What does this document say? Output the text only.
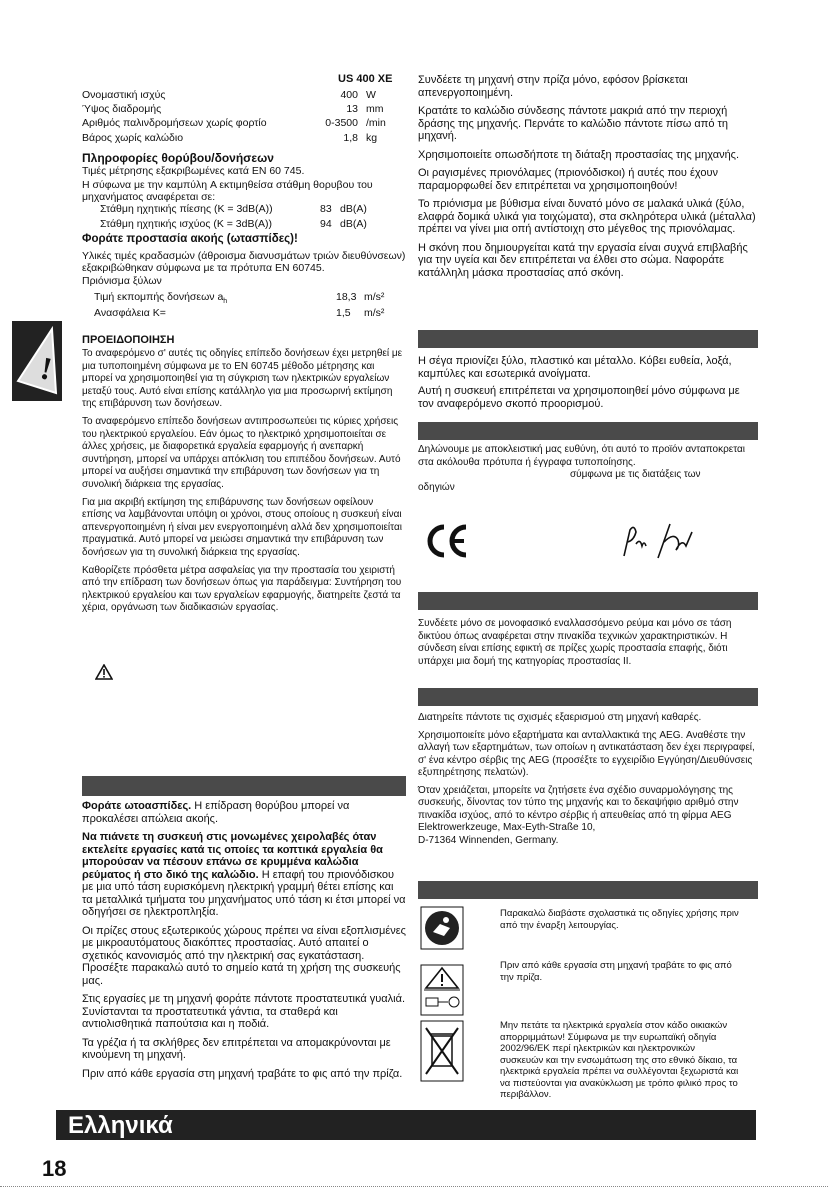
!
US 400 XE
Πληροφορίες θορύβου/δονήσεων
Τιμές μέτρησης εξακριβωμένες κατά EN 60 745.
Η σύφωνα με την καμπύλη A εκτιμηθείσα στάθμη θορυβου του μηχανήματος αναφέρεται σε:
Στάθμη ηχητικής πίεσης (K = 3dB(A))	83 dB(A)
Στάθμη ηχητικής ισχύος (K = 3dB(A))	94 dB(A)
Φοράτε προστασία ακοής (ωτασπίδες)!
Υλικές τιμές κραδασμών (άθροισμα διανυσμάτων τριών διευθύνσεων) εξακριβώθηκαν σύμφωνα με τα πρότυπα EN 60745.
Πριόνισμα ξύλων
Τιμή εκπομπής δονήσεων $a_h$	18,3 m/s²
Ανασφάλεια K=	1,5 m/s²
ΠΡΟΕΙΔΟΠΟΙΗΣΗ

Το αναφερόμενο σ' αυτές τις οδηγίες επίπεδο δονήσεων έχει μετρηθεί με μια τυποποιημένη σύμφωνα με το EN 60745 μέθοδο μέτρησης και μπορεί να χρησιμοποιηθεί για τη σύγκριση των ηλεκτρικών εργαλείων μεταξύ τους. Αυτό είναι επίσης κατάλληλο για μια προσωρινή εκτίμηση της επιβάρυνση των δονήσεων.

Το αναφερόμενο επίπεδο δονήσεων αντιπροσωπεύει τις κύριες χρήσεις του ηλεκτρικού εργαλείου. Εάν όμως το ηλεκτρικό χρησιμοποιείται σε άλλες χρήσεις, με διαφορετικά εργαλεία εφαρμογής ή ανεπαρκή συντήρηση, μπορεί να υπάρχει απόκλιση του επιπέδου δονήσεων. Αυτό μπορεί να αυξήσει σημαντικά την επιβάρυνση των δονήσεων για τη συνολική διάρκεια της εργασίας.

Για μια ακριβή εκτίμηση της επιβάρυνσης των δονήσεων οφείλουν επίσης να λαμβάνονται υπόψη οι χρόνοι, στους οποίους η συσκευή είναι απενεργοποιημένη ή είναι μεν ενεργοποιημένη αλλά δεν χρησιμοποιείται πραγματικά. Αυτό μπορεί να μειώσει σημαντικά την επιβάρυνση των δονήσεων για τη συνολική διάρκεια της εργασίας.

Καθορίζετε πρόσθετα μέτρα ασφαλείας για την προστασία του χειριστή από την επίδραση των δονήσεων όπως για παράδειγμα: Συντήρηση του ηλεκτρικού εργαλείου και των εργαλείων εφαρμογής, διατηρείτε ζεστά τα χέρια, οργάνωση των διαδικασιών εργασίας.

Φοράτε ωτοασπίδες. Η επίδραση θορύβου μπορεί να προκαλέσει απώλεια ακοής.

Να πιάνετε τη συσκευή στις μονωμένες χειρολαβές όταν εκτελείτε εργασίες κατά τις οποίες τα κοπτικά εργαλεία θα μπορούσαν να πέσουν επάνω σε κρυμμένα καλώδια ρεύματος ή στο δικό της καλώδιο. Η επαφή του πριονόδισκου με μια υπό τάση ευρισκόμενη ηλεκτρική γραμμή θέτει επίσης και τα μεταλλικά τμήματα του μηχανήματος υπό τάση κι έτσι μπορεί να οδηγήσει σε ηλεκτροπληξία.

Οι πρίζες στους εξωτερικούς χώρους πρέπει να είναι εξοπλισμένες με μικροαυτόματους διακόπτες προστασίας. Αυτό απαιτεί ο σχετικός κανονισμός από την ηλεκτρική σας εγκατάσταση. Προσέξτε παρακαλώ αυτό το σημείο κατά τη χρήση της συσκευής μας.

Στις εργασίες με τη μηχανή φοράτε πάντοτε προστατευτικά γυαλιά. Συνίστανται τα προστατευτικά γάντια, τα σταθερά και αντιολισθητικά παπούτσια και η ποδιά.

Τα γρέζια ή τα σκλήθρες δεν επιτρέπεται να απομακρύνονται με κινούμενη τη μηχανή.

Πριν από κάθε εργασία στη μηχανή τραβάτε το φις από την πρίζα.

Συνδέετε τη μηχανή στην πρίζα μόνο, εφόσον βρίσκεται απενεργοποιημένη.

Κρατάτε το καλώδιο σύνδεσης πάντοτε μακριά από την περιοχή δράσης της μηχανής. Περνάτε το καλώδιο πάντοτε πίσω από τη μηχανή.

Χρησιμοποιείτε οπωσδήποτε τη διάταξη προστασίας της μηχανής.

Οι ραγισμένες πριονόλαμες (πριονόδισκοι) ή αυτές που έχουν παραμορφωθεί δεν επιτρέπεται να χρησιμοποιηθούν!

Το πριόνισμα με βύθισμα είναι δυνατό μόνο σε μαλακά υλικά (ξύλο, ελαφρά δομικά υλικά για τοιχώματα), στα σκληρότερα υλικά (μέταλλα) πρέπει να γίνει μια οπή αντίστοιχη στο μέγεθος της πριονόλαμας.

Η σκόνη που δημιουργείται κατά την εργασία είναι συχνά επιβλαβής για την υγεία και δεν επιτρέπεται να έλθει στο σώμα. Ναφοράτε κατάλληλη μάσκα προστασίας από σκόνη.

Η σέγα πριονίζει ξύλο, πλαστικό και μέταλλο. Κόβει ευθεία, λοξά, καμπύλες και εσωτερικά ανοίγματα.

Αυτή η συσκευή επιτρέπεται να χρησιμοποιηθεί μόνο σύμφωνα με τον αναφερόμενο σκοπό προορισμού.

Δηλώνουμε με αποκλειστική μας ευθύνη, ότι αυτό το προϊόν ανταποκρεται στα ακόλουθα πρότυπα ή έγγραφα τυποποίησης.
σύμφωνα με τις διατάξεις των
οδηγιών
Συνδέετε μόνο σε μονοφασικό εναλλασσόμενο ρεύμα και μόνο σε τάση δικτύου όπως αναφέρεται στην πινακίδα τεχνικών χαρακτηριστικών. Η σύνδεση είναι επίσης εφικτή σε πρίζες χωρίς προστασία επαφής, διότι υπάρχει μια δομή της κατηγορίας προστασίας II.

Διατηρείτε πάντοτε τις σχισμές εξαερισμού στη μηχανή καθαρές.

Χρησιμοποιείτε μόνο εξαρτήματα και ανταλλακτικά της AEG. Αναθέστε την αλλαγή των εξαρτημάτων, των οποίων η αντικατάσταση δεν έχει περιγραφεί, σ' ένα κέντρο σέρβις της AEG (προσέξτε το εγχειρίδιο Εγγύηση/Διευθύνσεις εξυπηρέτησης πελατών).

Όταν χρειάζεται, μπορείτε να ζητήσετε ένα σχέδιο συναρμολόγησης της συσκευής, δίνοντας τον τύπο της μηχανής και το δεκαψήφιο αριθμό στην πινακίδα ισχύος, από το κέντρο σέρβις ή απευθείας από τη φίρμα AEG

Elektrowerkzeuge, Max-Eyth-Straße 10,

D-71364 Winnenden, Germany.

Παρακαλώ διαβάστε σχολαστικά τις οδηγίες χρήσης πριν από την έναρξη λειτουργίας.
Πριν από κάθε εργασία στη μηχανή τραβάτε το φις από την πρίζα.
Μην πετάτε τα ηλεκτρικά εργαλεία στον κάδο οικιακών απορριμμάτων! Σύμφωνα με την ευρωπαϊκή οδηγία 2002/96/ΕΚ περί ηλεκτρικών και ηλεκτρονικών συσκευών και την ενσωμάτωση της στο εθνικό δίκαιο, τα ηλεκτρικά εργαλεία πρέπει να συλλέγονται ξεχωριστά και να πιστεύονται για ανακύκλωση με τρόπο φιλικό προς το περιβάλλον.
Ελληνικά
18
Ονομαστική ισχύς	400 W
Ύψος διαδρομής	13 mm
Αριθμός παλινδρομήσεων χωρίς φορτίο	0-3500 /min
Βάρος χωρίς καλώδιο	1,8 kg
